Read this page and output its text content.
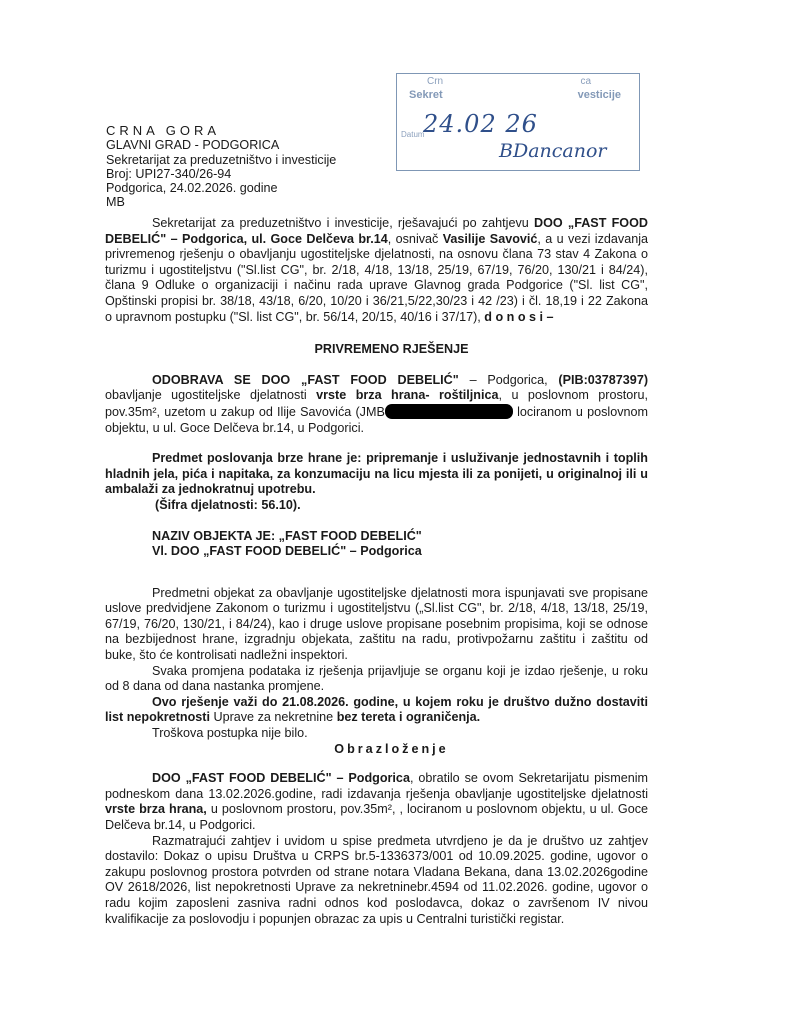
Crn	ca
Sekret	vesticije
Datum
24.02 26
BDancanor
CRNA GORA
GLAVNI GRAD - PODGORICA
Sekretarijat za preduzetništvo i investicije
Broj: UPI27-340/26-94
Podgorica, 24.02.2026. godine
MB

Sekretarijat za preduzetništvo i investicije, rješavajući po zahtjevu DOO „FAST FOOD DEBELIĆ" – Podgorica, ul. Goce Delčeva br.14, osnivač Vasilije Savović, a u vezi izdavanja privremenog rješenju o obavljanju ugostiteljske djelatnosti, na osnovu člana 73 stav 4 Zakona o turizmu i ugostiteljstvu ("Sl.list CG", br. 2/18, 4/18, 13/18, 25/19, 67/19, 76/20, 130/21 i 84/24), člana 9 Odluke o organizaciji i načinu rada uprave Glavnog grada Podgorice ("Sl. list CG", Opštinski propisi br. 38/18, 43/18, 6/20, 10/20 i 36/21,5/22,30/23 i 42 /23) i čl. 18,19 i 22 Zakona o upravnom postupku ("Sl. list CG", br. 56/14, 20/15, 40/16 i 37/17), d o n o s i –

PRIVREMENO RJEŠENJE

ODOBRAVA SE DOO „FAST FOOD DEBELIĆ" – Podgorica, (PIB:03787397) obavljanje ugostiteljske djelatnosti vrste brza hrana- roštiljnica, u poslovnom prostoru, pov.35m², uzetom u zakup od Ilije Savovića (JMB	lociranom u poslovnom objektu, u ul. Goce Delčeva br.14, u Podgorici.

Predmet poslovanja brze hrane je: pripremanje i usluživanje jednostavnih i toplih hladnih jela, pića i napitaka, za konzumaciju na licu mjesta ili za ponijeti, u originalnoj ili u ambalaži za jednokratnuj upotrebu.

(Šifra djelatnosti: 56.10).

NAZIV OBJEKTA JE: „FAST FOOD DEBELIĆ"

Vl. DOO „FAST FOOD DEBELIĆ" – Podgorica

Predmetni objekat za obavljanje ugostiteljske djelatnosti mora ispunjavati sve propisane uslove predvidjene Zakonom o turizmu i ugostiteljstvu („Sl.list CG", br. 2/18, 4/18, 13/18, 25/19, 67/19, 76/20, 130/21, i 84/24), kao i druge uslove propisane posebnim propisima, koji se odnose na bezbijednost hrane, izgradnju objekata, zaštitu na radu, protivpožarnu zaštitu i zaštitu od buke, što će kontrolisati nadležni inspektori.

Svaka promjena podataka iz rješenja prijavljuje se organu koji je izdao rješenje, u roku od 8 dana od dana nastanka promjene.

Ovo rješenje važi do 21.08.2026. godine, u kojem roku je društvo dužno dostaviti list nepokretnosti Uprave za nekretnine bez tereta i ograničenja.

Troškova postupka nije bilo.

Obrazloženje

DOO „FAST FOOD DEBELIĆ" – Podgorica, obratilo se ovom Sekretarijatu pismenim podneskom dana 13.02.2026.godine, radi izdavanja rješenja obavljanje ugostiteljske djelatnosti vrste brza hrana, u poslovnom prostoru, pov.35m², , lociranom u poslovnom objektu, u ul. Goce Delčeva br.14, u Podgorici.

Razmatrajući zahtjev i uvidom u spise predmeta utvrdjeno je da je društvo uz zahtjev dostavilo: Dokaz o upisu Društva u CRPS br.5-1336373/001 od 10.09.2025. godine, ugovor o zakupu poslovnog prostora potvrden od strane notara Vladana Bekana, dana 13.02.2026godine OV 2618/2026, list nepokretnosti Uprave za nekretninebr.4594 od 11.02.2026. godine, ugovor o radu kojim zaposleni zasniva radni odnos kod poslodavca, dokaz o završenom IV nivou kvalifikacije za poslovodju i popunjen obrazac za upis u Centralni turistički registar.
